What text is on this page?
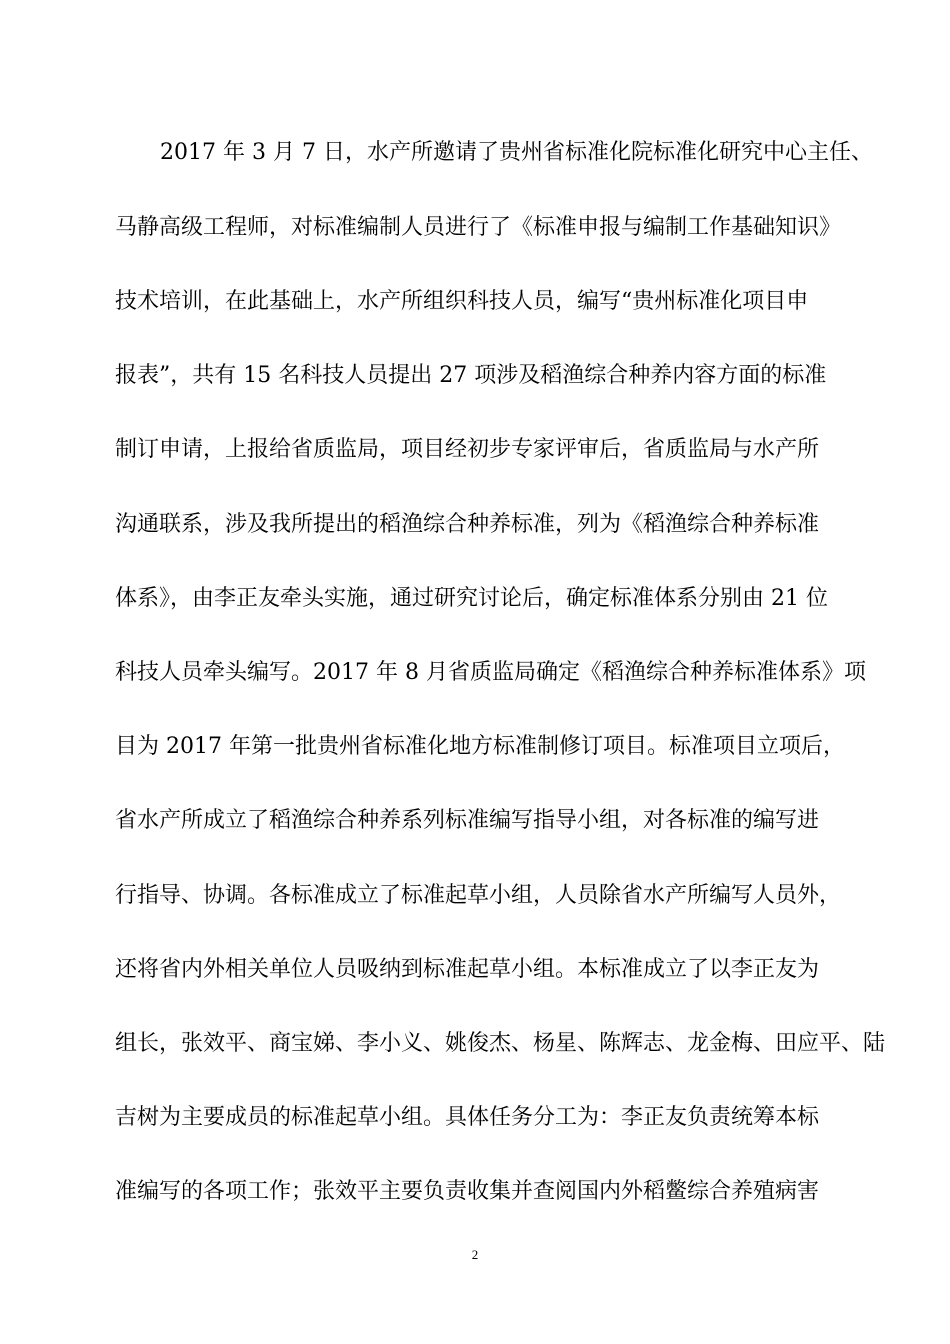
2017 年 3 月 7 日，水产所邀请了贵州省标准化院标准化研究中心主任、
马静高级工程师，对标准编制人员进行了《标准申报与编制工作基础知识》
技术培训，在此基础上，水产所组织科技人员，编写“贵州标准化项目申
报表”，共有 15 名科技人员提出 27 项涉及稻渔综合种养内容方面的标准
制订申请，上报给省质监局，项目经初步专家评审后，省质监局与水产所
沟通联系，涉及我所提出的稻渔综合种养标准，列为《稻渔综合种养标准
体系》，由李正友牵头实施，通过研究讨论后，确定标准体系分别由 21 位
科技人员牵头编写。2017 年 8 月省质监局确定《稻渔综合种养标准体系》项
目为 2017 年第一批贵州省标准化地方标准制修订项目。标准项目立项后，
省水产所成立了稻渔综合种养系列标准编写指导小组，对各标准的编写进
行指导、协调。各标准成立了标准起草小组，人员除省水产所编写人员外，
还将省内外相关单位人员吸纳到标准起草小组。本标准成立了以李正友为
组长，张效平、商宝娣、李小义、姚俊杰、杨星、陈辉志、龙金梅、田应平、陆
吉树为主要成员的标准起草小组。具体任务分工为：李正友负责统筹本标
准编写的各项工作；张效平主要负责收集并查阅国内外稻鳖综合养殖病害
2
